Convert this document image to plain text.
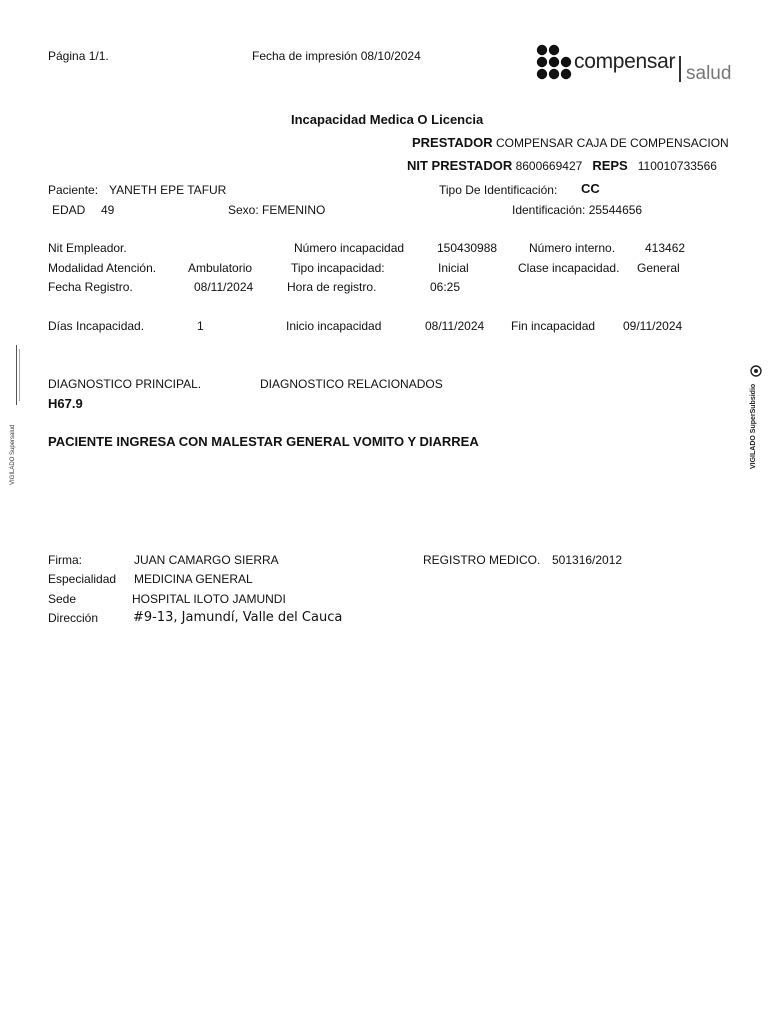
Página 1/1.	Fecha de impresión 08/10/2024	compensar
salud
Incapacidad Medica O Licencia
PRESTADOR COMPENSAR CAJA DE COMPENSACION
NIT PRESTADOR 8600669427 REPS 110010733566
Paciente: YANETH EPE TAFUR	Tipo De Identificación: CC
EDAD 49	Sexo: FEMENINO	Identificación: 25544656
Nit Empleador.	Número incapacidad	150430988	Número interno. 413462
Modalidad Atención.	Ambulatorio	Tipo incapacidad:	Inicial	Clase incapacidad. General
Fecha Registro.	08/11/2024	Hora de registro.	06:25
Días Incapacidad.	1	Inicio incapacidad	08/11/2024 Fin incapacidad 09/11/2024
DIAGNOSTICO PRINCIPAL.	DIAGNOSTICO RELACIONADOS
H67.9
PACIENTE INGRESA CON MALESTAR GENERAL VOMITO Y DIARREA
Firma:	JUAN CAMARGO SIERRA	REGISTRO MEDICO. 501316/2012
Especialidad MEDICINA GENERAL
Sede	HOSPITAL ILOTO JAMUNDI
Dirección	#9-13, Jamundí, Valle del Cauca
VIGILADO Supersalud	VIGILADO SuperSubsidio
